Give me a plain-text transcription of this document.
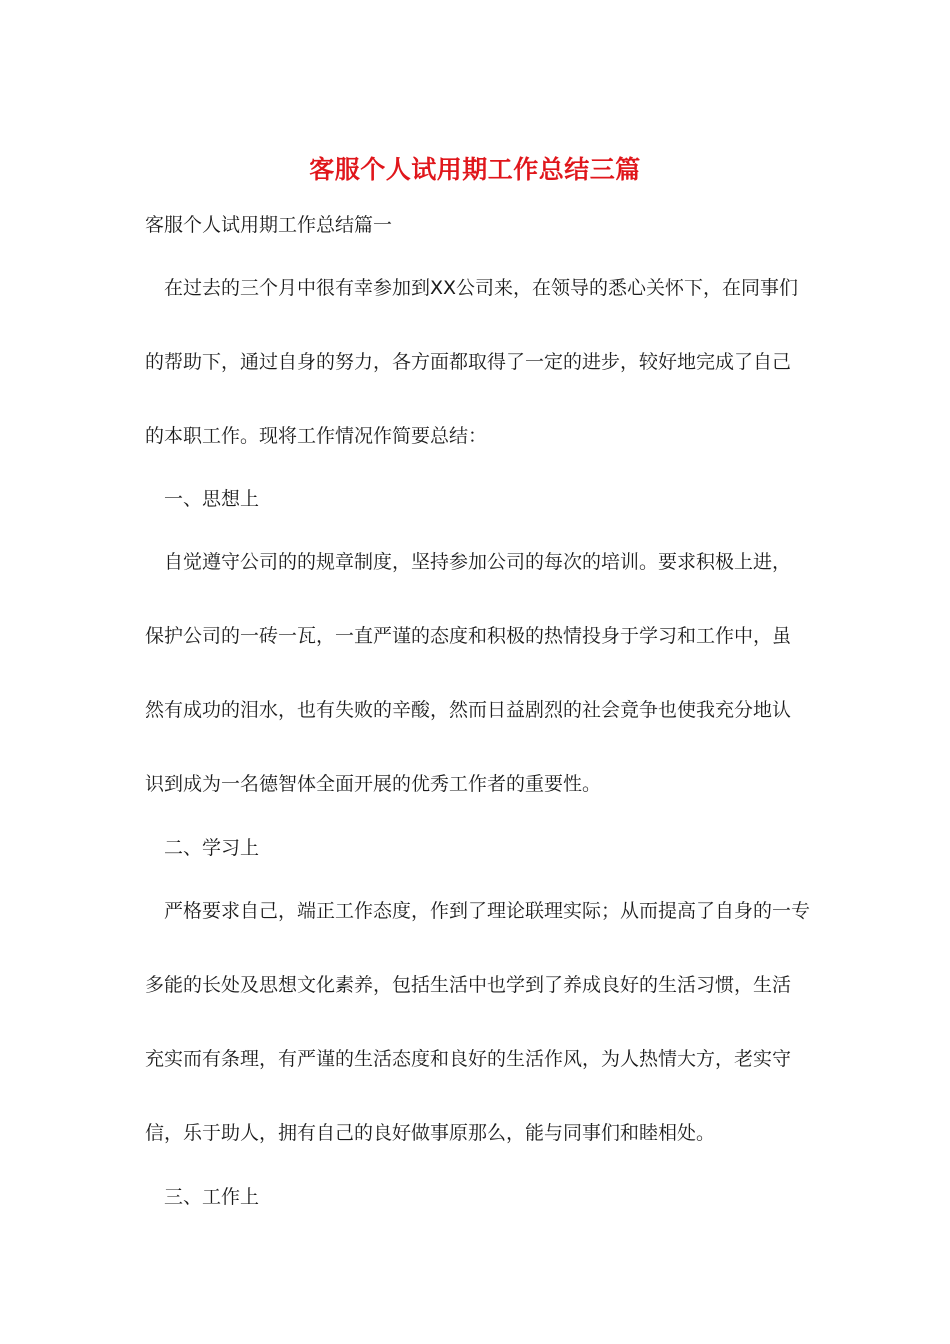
客服个人试用期工作总结三篇
客服个人试用期工作总结篇一
在过去的三个月中很有幸参加到XX公司来，在领导的悉心关怀下，在同事们
的帮助下，通过自身的努力，各方面都取得了一定的进步，较好地完成了自己
的本职工作。现将工作情况作简要总结：
一、思想上
自觉遵守公司的的规章制度，坚持参加公司的每次的培训。要求积极上进，
保护公司的一砖一瓦，一直严谨的态度和积极的热情投身于学习和工作中，虽
然有成功的泪水，也有失败的辛酸，然而日益剧烈的社会竟争也使我充分地认
识到成为一名德智体全面开展的优秀工作者的重要性。
二、学习上
严格要求自己，端正工作态度，作到了理论联理实际；从而提高了自身的一专
多能的长处及思想文化素养，包括生活中也学到了养成良好的生活习惯，生活
充实而有条理，有严谨的生活态度和良好的生活作风，为人热情大方，老实守
信，乐于助人，拥有自己的良好做事原那么，能与同事们和睦相处。
三、工作上
